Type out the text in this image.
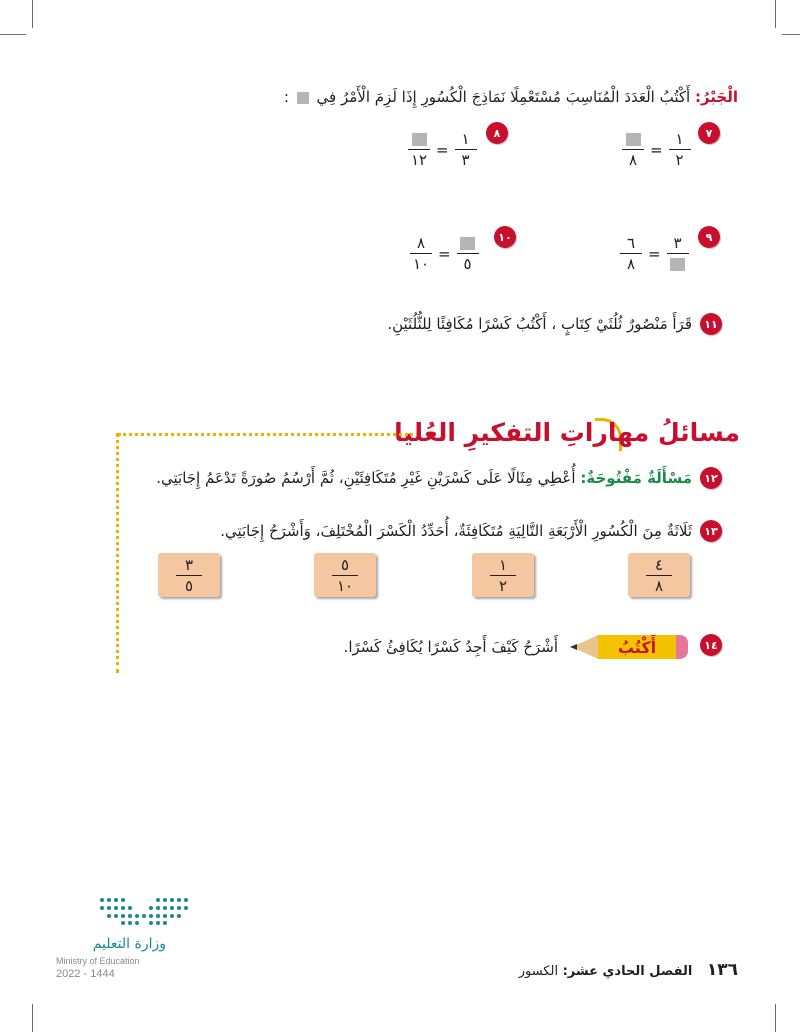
الْجَبْرُ: أَكْتُبُ الْعَدَدَ الْمُنَاسِبَ مُسْتَعْمِلًا نَمَاذِجَ الْكُسُورِ إِذَا لَزِمَ الْأَمْرُ فِي  :
٧
٨
= $\frac{١}{٢}$
٨
١٢
= $\frac{١}{٣}$
٩
$\frac{٦}{٨}$ =
٣
١٠
$\frac{٨}{١٠}$ =
٥
١١
قَرَأَ مَنْصُورٌ ثُلُثَيْ كِتَابٍ ، أَكْتُبُ كَسْرًا مُكَافِئًا لِلثُّلُثَيْنِ.
مسائلُ مهاراتِ التفكيرِ العُليا
١٢
مَسْأَلَةٌ مَفْتُوحَةٌ: أُعْطِي مِثَالًا عَلَى كَسْرَيْنِ غَيْرِ مُتَكَافِئَيْنِ، ثُمَّ أَرْسُمُ صُورَةً تَدْعَمُ إِجَابَتِي.
١٣
ثَلَاثَةٌ مِنَ الْكُسُورِ الْأَرْبَعَةِ التَّالِيَةِ مُتَكَافِئَةٌ، أُحَدِّدُ الْكَسْرَ الْمُخْتَلِفَ، وَأَشْرَحُ إِجَابَتِي.
$\frac{٤}{٨}$
$\frac{١}{٢}$
$\frac{٥}{١٠}$
$\frac{٣}{٥}$
١٤
أَكْتُبُ
أَشْرَحُ كَيْفَ أَجِدُ كَسْرًا يُكَافِئُ كَسْرًا.
١٣٦ الفصل الحادي عشر: الكسور
وزارة التعليم
Ministry of Education
2022 - 1444
